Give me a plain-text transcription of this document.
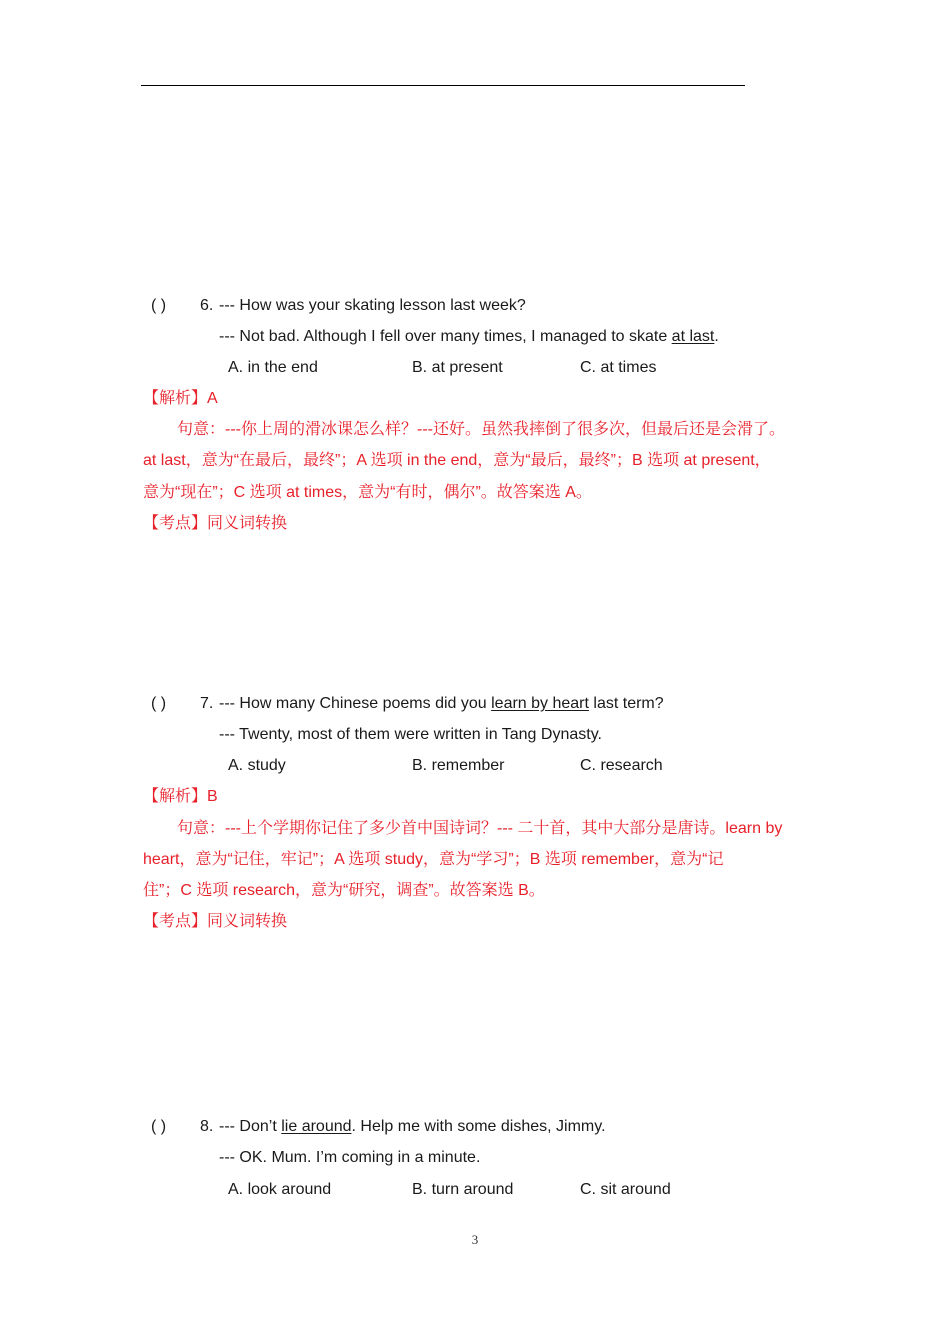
( ) 6. --- How was your skating lesson last week?
--- Not bad. Although I fell over many times, I managed to skate at last.
A. in the end	B. at present	C. at times
【解析】A
句意：---你上周的滑冰课怎么样？---还好。虽然我摔倒了很多次，但最后还是会滑了。
at last，意为“在最后，最终”；A 选项 in the end，意为“最后，最终”；B 选项 at present，
意为“现在”；C 选项 at times，意为“有时，偶尔”。故答案选 A。
【考点】同义词转换
( ) 7. --- How many Chinese poems did you learn by heart last term?
--- Twenty, most of them were written in Tang Dynasty.
A. study	B. remember	C. research
【解析】B
句意：---上个学期你记住了多少首中国诗词？--- 二十首，其中大部分是唐诗。learn by
heart，意为“记住，牢记”；A 选项 study，意为“学习”；B 选项 remember，意为“记
住”；C 选项 research，意为“研究，调查”。故答案选 B。
【考点】同义词转换
( ) 8. --- Don’t lie around. Help me with some dishes, Jimmy.
--- OK. Mum. I’m coming in a minute.
A. look around	B. turn around	C. sit around
3
